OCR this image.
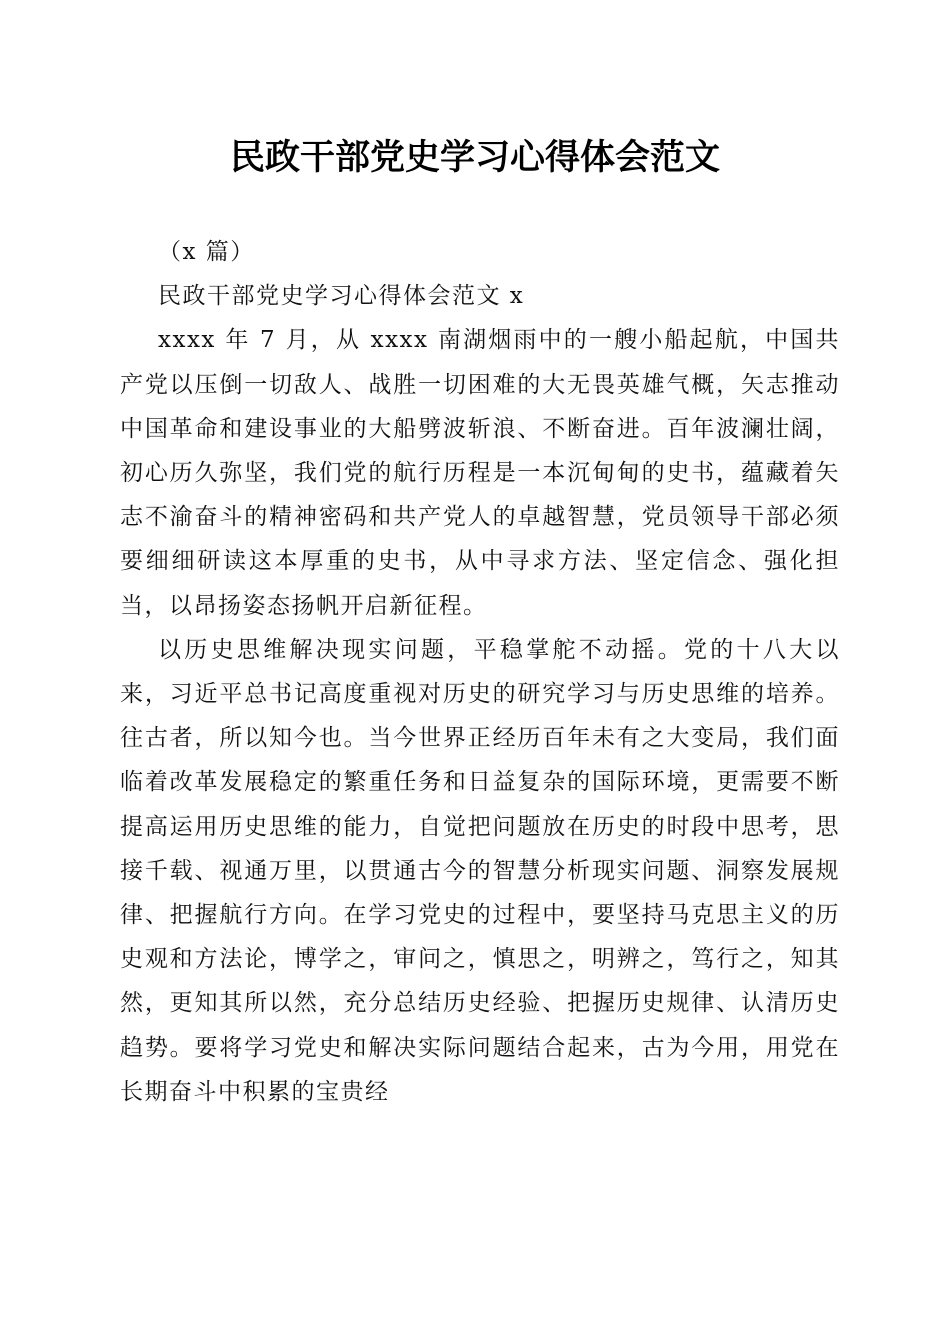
民政干部党史学习心得体会范文

（x 篇）

民政干部党史学习心得体会范文 x

xxxx 年 7 月，从 xxxx 南湖烟雨中的一艘小船起航，中国共产党以压倒一切敌人、战胜一切困难的大无畏英雄气概，矢志推动中国革命和建设事业的大船劈波斩浪、不断奋进。百年波澜壮阔，初心历久弥坚，我们党的航行历程是一本沉甸甸的史书，蕴藏着矢志不渝奋斗的精神密码和共产党人的卓越智慧，党员领导干部必须要细细研读这本厚重的史书，从中寻求方法、坚定信念、强化担当，以昂扬姿态扬帆开启新征程。

以历史思维解决现实问题，平稳掌舵不动摇。党的十八大以来，习近平总书记高度重视对历史的研究学习与历史思维的培养。往古者，所以知今也。当今世界正经历百年未有之大变局，我们面临着改革发展稳定的繁重任务和日益复杂的国际环境，更需要不断提高运用历史思维的能力，自觉把问题放在历史的时段中思考，思接千载、视通万里，以贯通古今的智慧分析现实问题、洞察发展规律、把握航行方向。在学习党史的过程中，要坚持马克思主义的历史观和方法论，博学之，审问之，慎思之，明辨之，笃行之，知其然，更知其所以然，充分总结历史经验、把握历史规律、认清历史趋势。要将学习党史和解决实际问题结合起来，古为今用，用党在长期奋斗中积累的宝贵经
